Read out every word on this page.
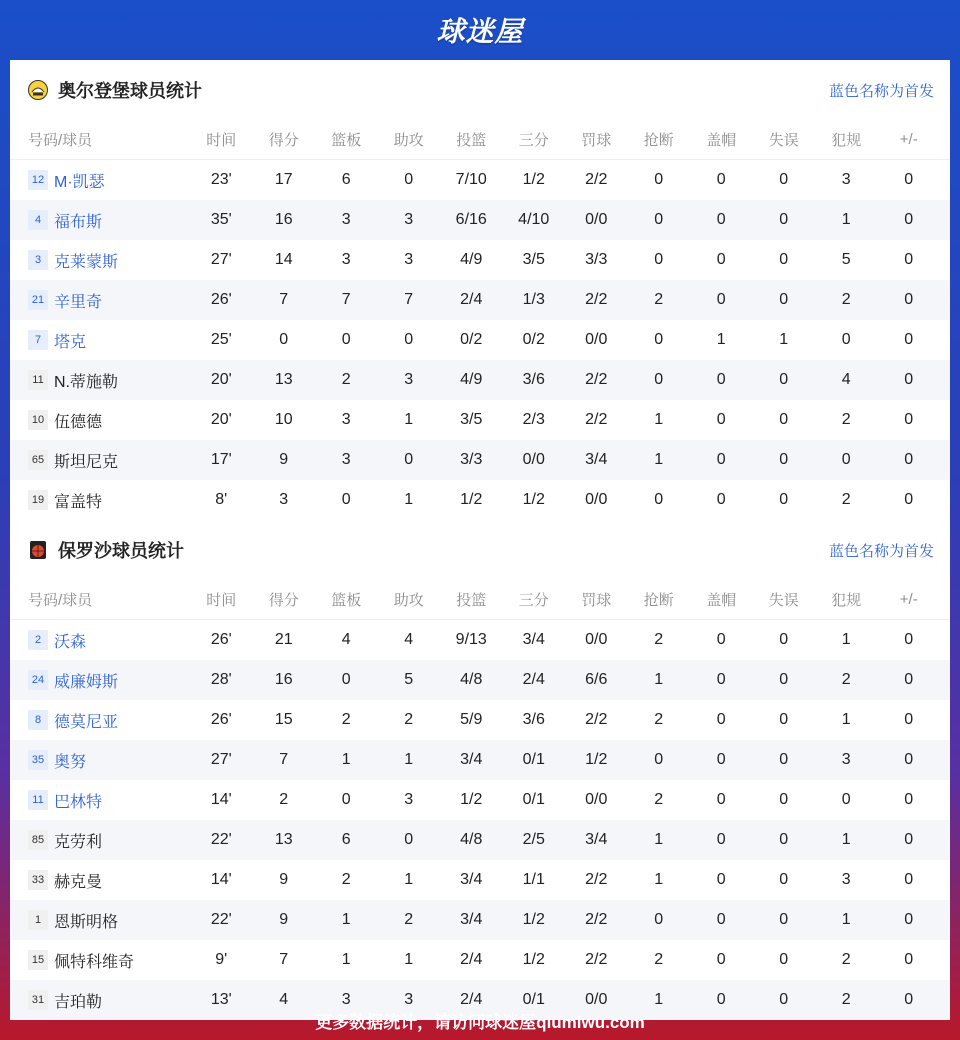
球迷屋
奥尔登堡球员统计	蓝色名称为首发
号码/球员	时间	得分	篮板	助攻	投篮	三分	罚球	抢断	盖帽	失误	犯规	+/-
12 M·凯瑟	23'	17	6	0	7/10	1/2	2/2	0	0	0	3	0
4 福布斯	35'	16	3	3	6/16	4/10	0/0	0	0	0	1	0
3 克莱蒙斯	27'	14	3	3	4/9	3/5	3/3	0	0	0	5	0
21 辛里奇	26'	7	7	7	2/4	1/3	2/2	2	0	0	2	0
7 塔克	25'	0	0	0	0/2	0/2	0/0	0	1	1	0	0
11 N.蒂施勒	20'	13	2	3	4/9	3/6	2/2	0	0	0	4	0
10 伍德德	20'	10	3	1	3/5	2/3	2/2	1	0	0	2	0
65 斯坦尼克	17'	9	3	0	3/3	0/0	3/4	1	0	0	0	0
19 富盖特	8'	3	0	1	1/2	1/2	0/0	0	0	0	2	0
保罗沙球员统计	蓝色名称为首发
号码/球员	时间	得分	篮板	助攻	投篮	三分	罚球	抢断	盖帽	失误	犯规	+/-
2 沃森	26'	21	4	4	9/13	3/4	0/0	2	0	0	1	0
24 威廉姆斯	28'	16	0	5	4/8	2/4	6/6	1	0	0	2	0
8 德莫尼亚	26'	15	2	2	5/9	3/6	2/2	2	0	0	1	0
35 奥努	27'	7	1	1	3/4	0/1	1/2	0	0	0	3	0
11 巴林特	14'	2	0	3	1/2	0/1	0/0	2	0	0	0	0
85 克劳利	22'	13	6	0	4/8	2/5	3/4	1	0	0	1	0
33 赫克曼	14'	9	2	1	3/4	1/1	2/2	1	0	0	3	0
1 恩斯明格	22'	9	1	2	3/4	1/2	2/2	0	0	0	1	0
15 佩特科维奇	9'	7	1	1	2/4	1/2	2/2	2	0	0	2	0
31 吉珀勒	13'	4	3	3	2/4	0/1	0/0	1	0	0	2	0
更多数据统计，请访问球迷屋qiumiwu.com
